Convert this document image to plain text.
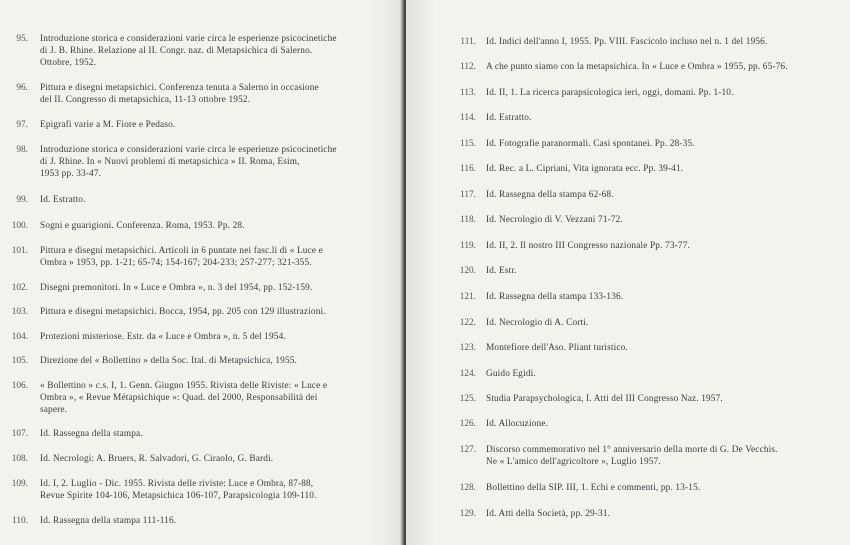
95. Introduzione storica e considerazioni varie circa le esperienze psicocinetiche
di J. B. Rhine. Relazione al II. Congr. naz. di Metapsichica di Salerno.
Ottobre, 1952.
96. Pittura e disegni metapsichici. Conferenza tenuta a Salerno in occasione
del II. Congresso di metapsichica, 11-13 ottobre 1952.
97. Epigrafi varie a M. Fiore e Pedaso.
98. Introduzione storica e considerazioni varie circa le esperienze psicocinetiche
di J. Rhine. In « Nuovi problemi di metapsichica » II. Roma, Esim,
1953 pp. 33-47.
99. Id. Estratto.
100. Sogni e guarigioni. Conferenza. Roma, 1953. Pp. 28.
101. Pittura e disegni metapsichici. Articoli in 6 puntate nei fasc.li di « Luce e
Ombra » 1953, pp. 1-21; 65-74; 154-167; 204-233; 257-277; 321-355.
102. Disegni premonitori. In « Luce e Ombra », n. 3 del 1954, pp. 152-159.
103. Pittura e disegni metapsichici. Bocca, 1954, pp. 205 con 129 illustrazioni.
104. Protezioni misteriose. Estr. da « Luce e Ombra », n. 5 del 1954.
105. Direzione del « Bollettino » della Soc. Ital. di Metapsichica, 1955.
106. « Bollettino » c.s. I, 1. Genn. Giugno 1955. Rivista delle Riviste: « Luce e
Ombra », « Revue Métapsichique »: Quad. del 2000, Responsabilità dei
sapere.
107. Id. Rassegna della stampa.
108. Id. Necrologi: A. Bruers, R. Salvadori, G. Ciraolo, G. Bardi.
109. Id. I, 2. Luglio - Dic. 1955. Rivista delle riviste: Luce e Ombra, 87-88,
Revue Spirite 104-106, Metapsichica 106-107, Parapsicologia 109-110.
110. Id. Rassegna della stampa 111-116.
111. Id. Indici dell'anno I, 1955. Pp. VIII. Fascicolo incluso nel n. 1 del 1956.
112. A che punto siamo con la metapsichica. In « Luce e Ombra » 1955, pp. 65-76.
113. Id. II, 1. La ricerca parapsicologica ieri, oggi, domani. Pp. 1-10.
114. Id. Estratto.
115. Id. Fotografie paranormali. Casi spontanei. Pp. 28-35.
116. Id. Rec. a L. Cipriani, Vita ignorata ecc. Pp. 39-41.
117. Id. Rassegna della stampa 62-68.
118. Id. Necrologio di V. Vezzani 71-72.
119. Id. II, 2. Il nostro III Congresso nazionale Pp. 73-77.
120. Id. Estr.
121. Id. Rassegna della stampa 133-136.
122. Id. Necrologio di A. Corti.
123. Montefiore dell'Aso. Pliant turistico.
124. Guido Egidi.
125. Studia Parapsychologica, I. Atti del III Congresso Naz. 1957.
126. Id. Allocuzione.
127. Discorso commemorativo nel 1° anniversario della morte di G. De Vecchis.
Ne « L'amico dell'agricoltore », Luglio 1957.
128. Bollettino della SIP. III, 1. Echi e commenti, pp. 13-15.
129. Id. Atti della Società, pp. 29-31.
